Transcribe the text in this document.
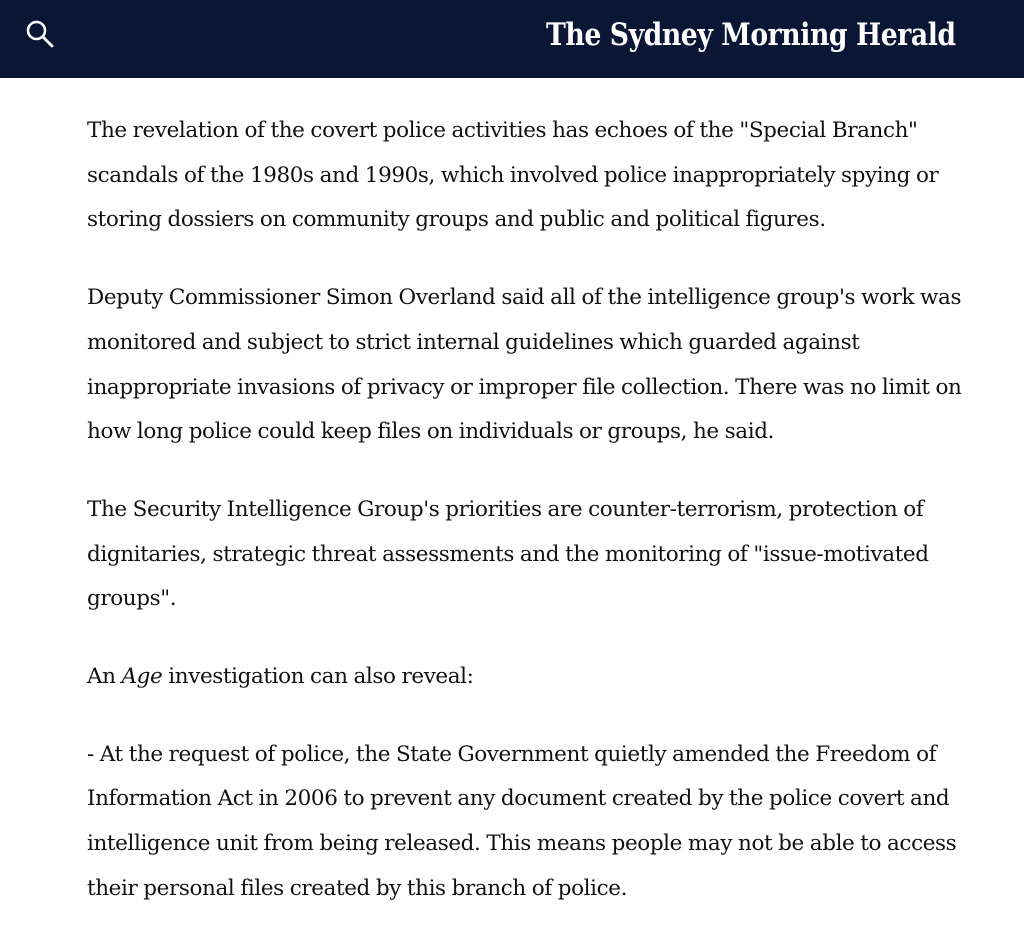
The Sydney Morning Herald

The revelation of the covert police activities has echoes of the "Special Branch" scandals of the 1980s and 1990s, which involved police inappropriately spying or storing dossiers on community groups and public and political figures.

Deputy Commissioner Simon Overland said all of the intelligence group's work was monitored and subject to strict internal guidelines which guarded against inappropriate invasions of privacy or improper file collection. There was no limit on how long police could keep files on individuals or groups, he said.

The Security Intelligence Group's priorities are counter-terrorism, protection of dignitaries, strategic threat assessments and the monitoring of "issue-motivated groups".

An Age investigation can also reveal:

- At the request of police, the State Government quietly amended the Freedom of Information Act in 2006 to prevent any document created by the police covert and intelligence unit from being released. This means people may not be able to access their personal files created by this branch of police.
